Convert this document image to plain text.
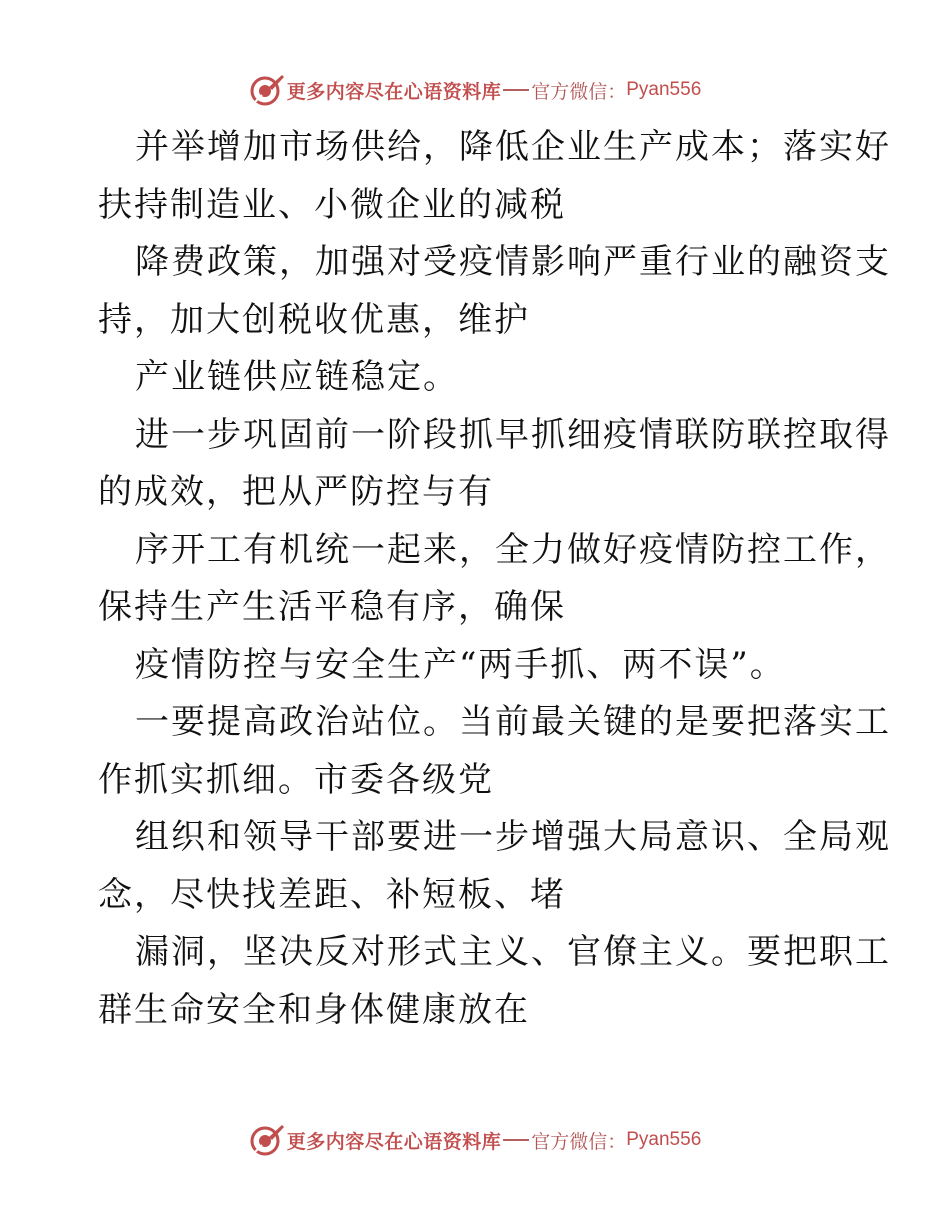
更多内容尽在心语资料库 官方微信： Pyan556
并举增加市场供给，降低企业生产成本；落实好
扶持制造业、小微企业的减税
降费政策，加强对受疫情影响严重行业的融资支
持，加大创税收优惠，维护
产业链供应链稳定。
进一步巩固前一阶段抓早抓细疫情联防联控取得
的成效，把从严防控与有
序开工有机统一起来，全力做好疫情防控工作，
保持生产生活平稳有序，确保
疫情防控与安全生产“两手抓、两不误”。
一要提高政治站位。当前最关键的是要把落实工
作抓实抓细。市委各级党
组织和领导干部要进一步增强大局意识、全局观
念，尽快找差距、补短板、堵
漏洞，坚决反对形式主义、官僚主义。要把职工
群生命安全和身体健康放在
更多内容尽在心语资料库 官方微信： Pyan556
